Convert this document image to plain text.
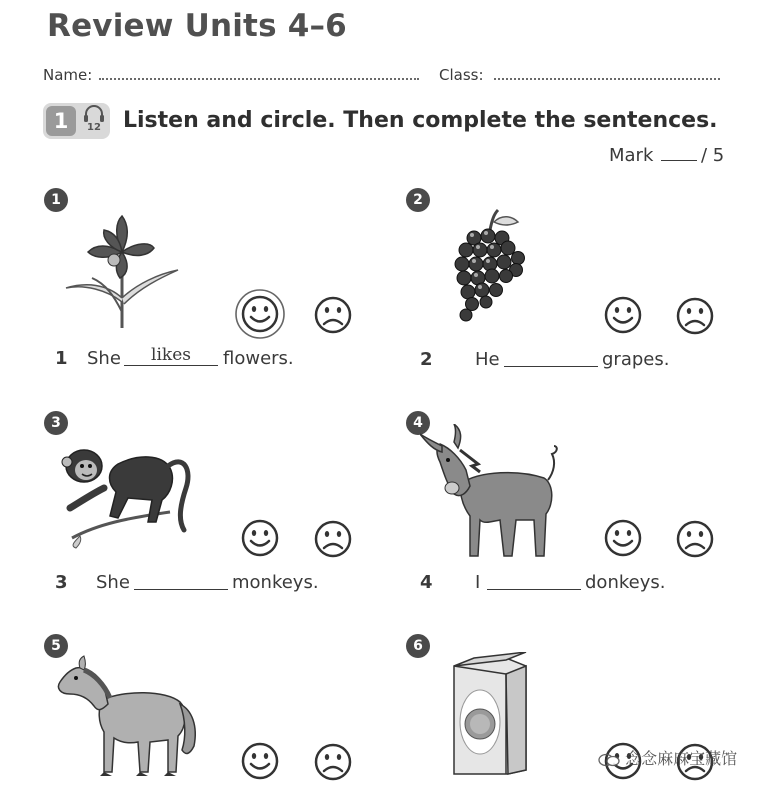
Review Units 4–6
Name:	Class:
1	12	Listen and circle. Then complete the sentences.
Mark	/ 5
1
1 She	likes	flowers.
2
2 He	grapes.
3
3 She	monkeys.
4
4 I	donkeys.
5	6
念念麻麻宝藏馆
